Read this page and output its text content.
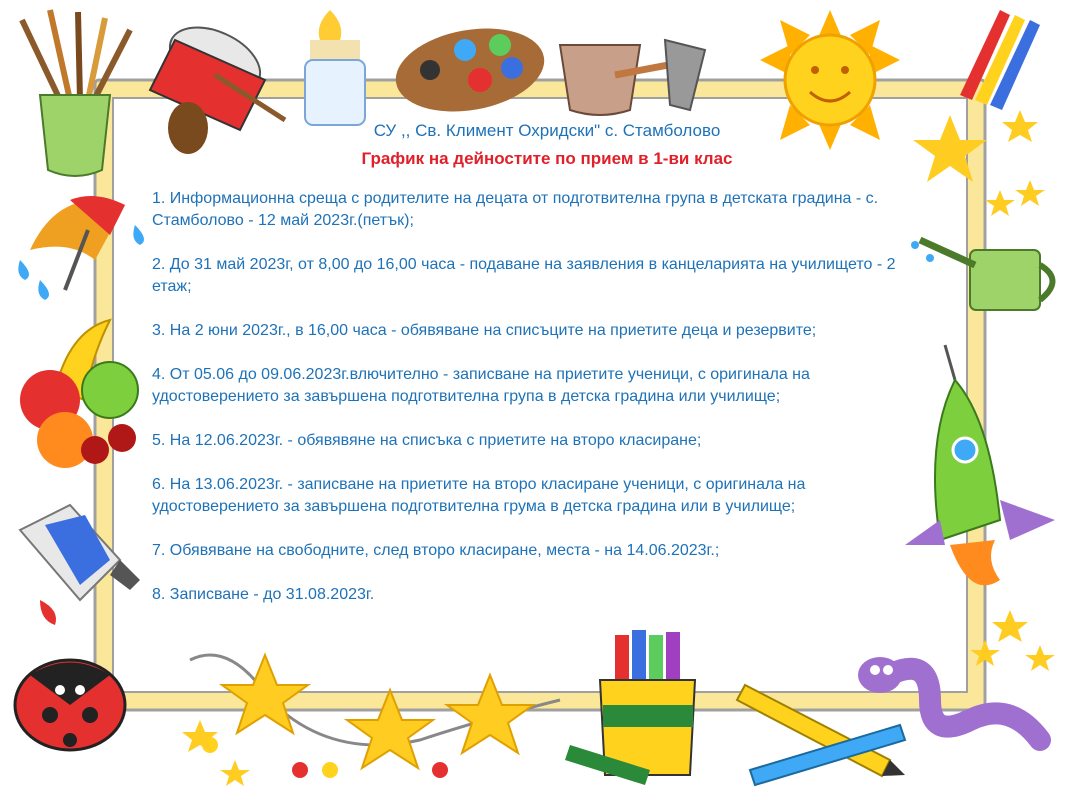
СУ ,, Св. Климент Охридски" с. Стамболово
График на дейностите по прием в 1-ви клас
1. Информационна среща с родителите на децата от подготвителна група в детската градина - с. Стамболово - 12 май 2023г.(петък);
2. До 31 май 2023г, от 8,00 до 16,00 часа - подаване на заявления в канцеларията на училището - 2 етаж;
3. На 2 юни 2023г., в 16,00 часа - обявяване на списъците на приетите деца и резервите;
4. От 05.06 до 09.06.2023г.влючително - записване на приетите ученици, с оригинала на удостоверението за завършена подготвителна група в детска градина или училище;
5. На 12.06.2023г. - обявявяне на списъка с приетите на второ класиране;
6. На 13.06.2023г. - записване на приетите на второ класиране ученици, с оригинала на удостоверението за завършена подготвителна грума в детска градина или в училище;
7. Обявяване на свободните, след второ класиране, места - на 14.06.2023г.;
8. Записване - до 31.08.2023г.
